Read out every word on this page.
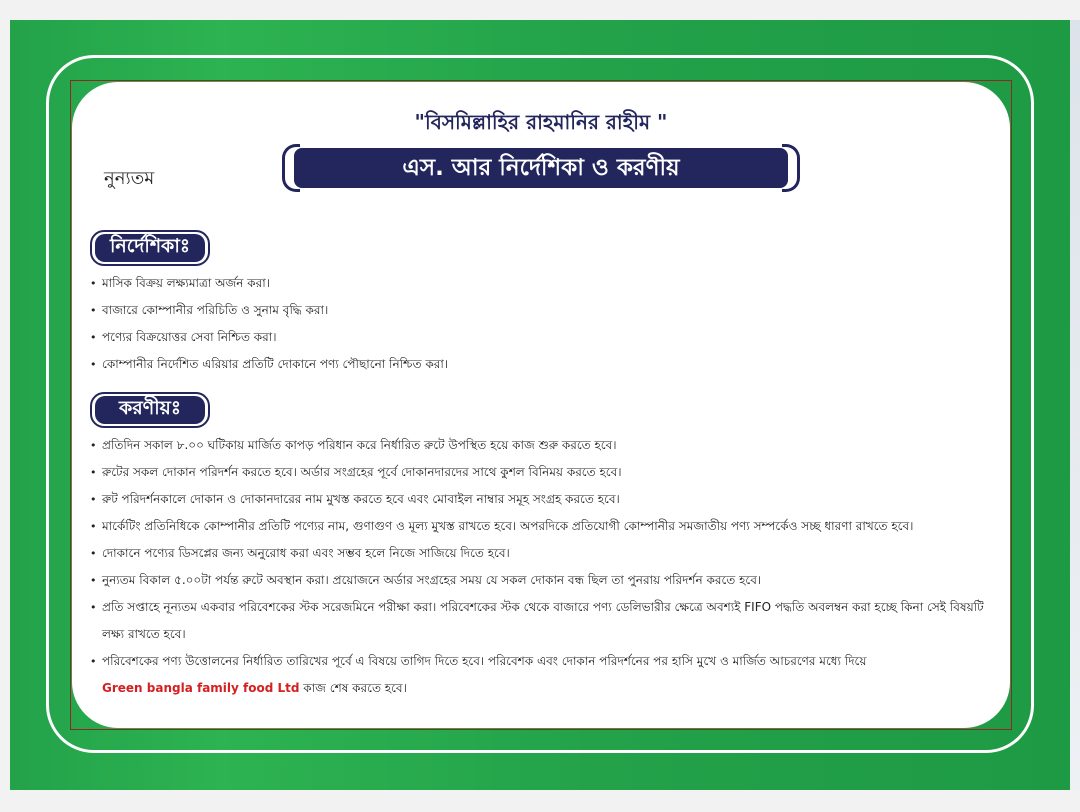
"বিসমিল্লাহির রাহমানির রাহীম "
নুন্যতম	এস. আর নির্দেশিকা ও করণীয়
নির্দেশিকাঃ
• মাসিক বিক্রয় লক্ষ্যমাত্রা অর্জন করা।
• বাজারে কোম্পানীর পরিচিতি ও সুনাম বৃদ্ধি করা।
• পণ্যের বিক্রয়োত্তর সেবা নিশ্চিত করা।
• কোম্পানীর নির্দেশিত এরিয়ার প্রতিটি দোকানে পণ্য পৌছানো নিশ্চিত করা।
করণীয়ঃ
• প্রতিদিন সকাল ৮.০০ ঘটিকায় মার্জিত কাপড় পরিধান করে নির্ধারিত রুটে উপস্থিত হয়ে কাজ শুরু করতে হবে।
• রুটের সকল দোকান পরিদর্শন করতে হবে। অর্ডার সংগ্রহের পূর্বে দোকানদারদের সাথে কুশল বিনিময় করতে হবে।
• রুট পরিদর্শনকালে দোকান ও দোকানদারের নাম মুখস্ত করতে হবে এবং মোবাইল নাম্বার সমূহ সংগ্রহ করতে হবে।
• মার্কেটিং প্রতিনিধিকে কোম্পানীর প্রতিটি পণ্যের নাম, গুণাগুণ ও মূল্য মুখস্ত রাখতে হবে। অপরদিকে প্রতিযোগী কোম্পানীর সমজাতীয় পণ্য সম্পর্কেও সচ্ছ ধারণা রাখতে হবে।
• দোকানে পণ্যের ডিসপ্লের জন্য অনুরোধ করা এবং সম্ভব হলে নিজে সাজিয়ে দিতে হবে।
• নুন্যতম বিকাল ৫.০০টা পর্যন্ত রুটে অবস্থান করা। প্রয়োজনে অর্ডার সংগ্রহের সময় যে সকল দোকান বন্ধ ছিল তা পুনরায় পরিদর্শন করতে হবে।
• প্রতি সপ্তাহে নূন্যতম একবার পরিবেশকের স্টক সরেজমিনে পরীক্ষা করা। পরিবেশকের স্টক থেকে বাজারে পণ্য ডেলিভারীর ক্ষেত্রে অবশ্যই FIFO পদ্ধতি অবলম্বন করা হচ্ছে কিনা সেই বিষয়টি লক্ষ্য রাখতে হবে।
• পরিবেশকের পণ্য উত্তোলনের নির্ধারিত তারিখের পূর্বে এ বিষয়ে তাগিদ দিতে হবে। পরিবেশক এবং দোকান পরিদর্শনের পর হাসি মুখে ও মার্জিত আচরণের মধ্যে দিয়ে
Green bangla family food Ltd কাজ শেষ করতে হবে।
